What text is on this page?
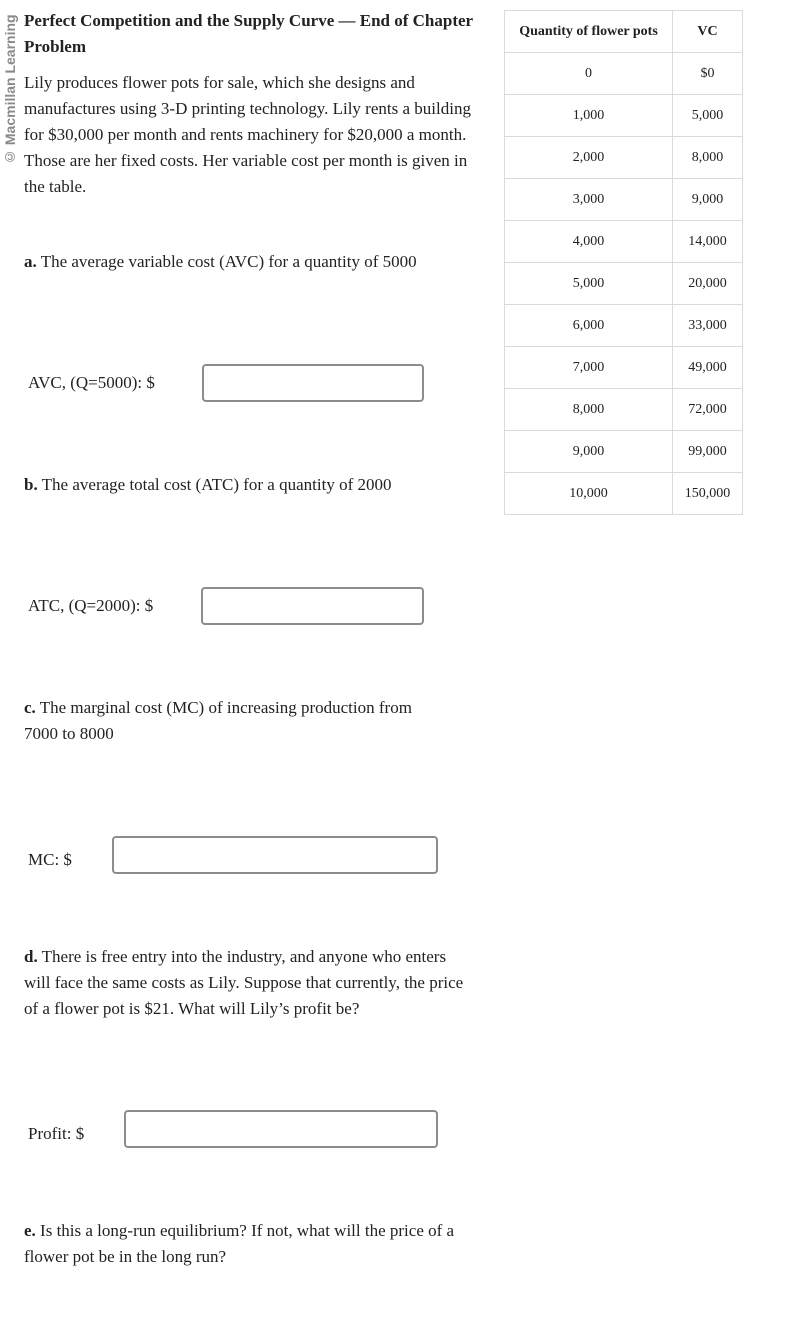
© Macmillan Learning Perfect Competition and the Supply Curve — End of Chapter Problem

Lily produces flower pots for sale, which she designs and manufactures using 3-D printing technology. Lily rents a building for $30,000 per month and rents machinery for $20,000 a month. Those are her fixed costs. Her variable cost per month is given in the table.

a. The average variable cost (AVC) for a quantity of 5000
AVC, (Q=5000): $
b. The average total cost (ATC) for a quantity of 2000
ATC, (Q=2000): $
c. The marginal cost (MC) of increasing production from 7000 to 8000
MC: $
d. There is free entry into the industry, and anyone who enters will face the same costs as Lily. Suppose that currently, the price of a flower pot is $21. What will Lily’s profit be?
Profit: $
e. Is this a long-run equilibrium? If not, what will the price of a flower pot be in the long run?
Quantity of flower pots	VC
0	$0
1,000	5,000
2,000	8,000
3,000	9,000
4,000	14,000
5,000	20,000
6,000	33,000
7,000	49,000
8,000	72,000
9,000	99,000
10,000	150,000
